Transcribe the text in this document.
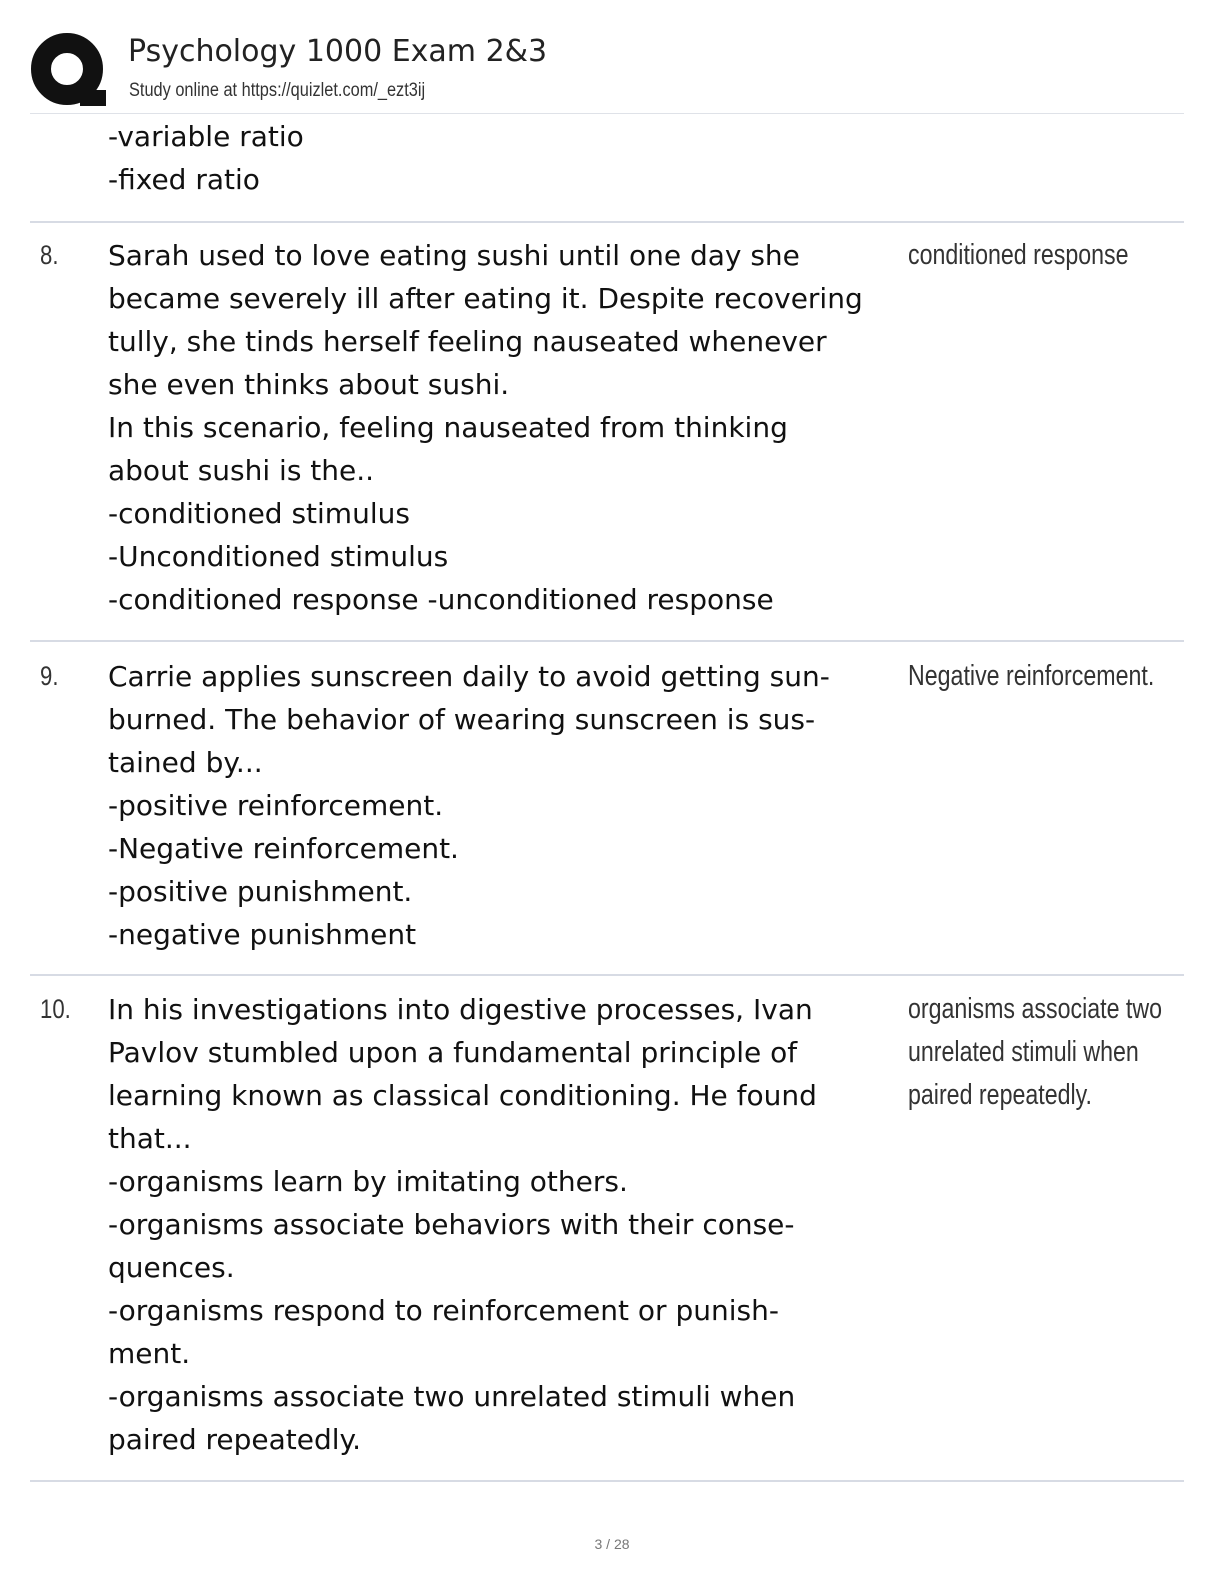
Psychology 1000 Exam 2&3
Study online at https://quizlet.com/_ezt3ij
-variable ratio
-fixed ratio
8. Sarah used to love eating sushi until one day she
became severely ill after eating it. Despite recovering
tully, she tinds herself feeling nauseated whenever
she even thinks about sushi.
In this scenario, feeling nauseated from thinking
about sushi is the..
-conditioned stimulus
-Unconditioned stimulus
-conditioned response -unconditioned response
conditioned response
9. Carrie applies sunscreen daily to avoid getting sun-
burned. The behavior of wearing sunscreen is sus-
tained by...
-positive reinforcement.
-Negative reinforcement.
-positive punishment.
-negative punishment
Negative reinforcement.
10. In his investigations into digestive processes, Ivan
Pavlov stumbled upon a fundamental principle of
learning known as classical conditioning. He found
that...
-organisms learn by imitating others.
-organisms associate behaviors with their conse-
quences.
-organisms respond to reinforcement or punish-
ment.
-organisms associate two unrelated stimuli when
paired repeatedly.
organisms associate two
unrelated stimuli when
paired repeatedly.
3 / 28
